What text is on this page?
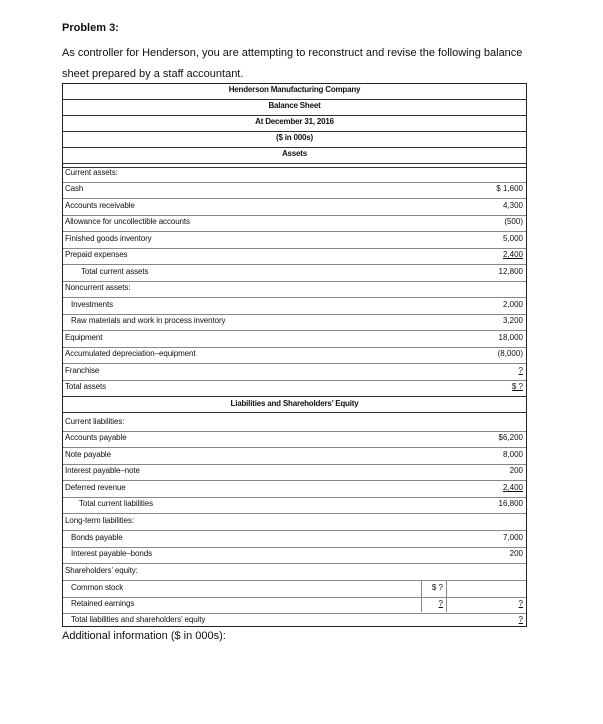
Problem 3:
As controller for Henderson, you are attempting to reconstruct and revise the following balance sheet prepared by a staff accountant.
Henderson Manufacturing Company
Balance Sheet
At December 31, 2016
($ in 000s)
Assets
Current assets:
Cash	$ 1,600
Accounts receivable	4,300
Allowance for uncollectible accounts	(500)
Finished goods inventory	5,000
Prepaid expenses	2,400
Total current assets	12,800
Noncurrent assets:
Investments	2,000
Raw materials and work in process inventory	3,200
Equipment	18,000
Accumulated depreciation–equipment	(8,000)
Franchise	?
Total assets	$ ?
Liabilities and Shareholders’ Equity
Current liabilities:
Accounts payable	$6,200
Note payable	8,000
Interest payable–note	200
Deferred revenue	2,400
Total current liabilities	16,800
Long-term liabilities:
Bonds payable	7,000
Interest payable–bonds	200
Shareholders’ equity:
Common stock	$ ?
Retained earnings	?	?
Total liabilities and shareholders’ equity	?
Additional information ($ in 000s):
